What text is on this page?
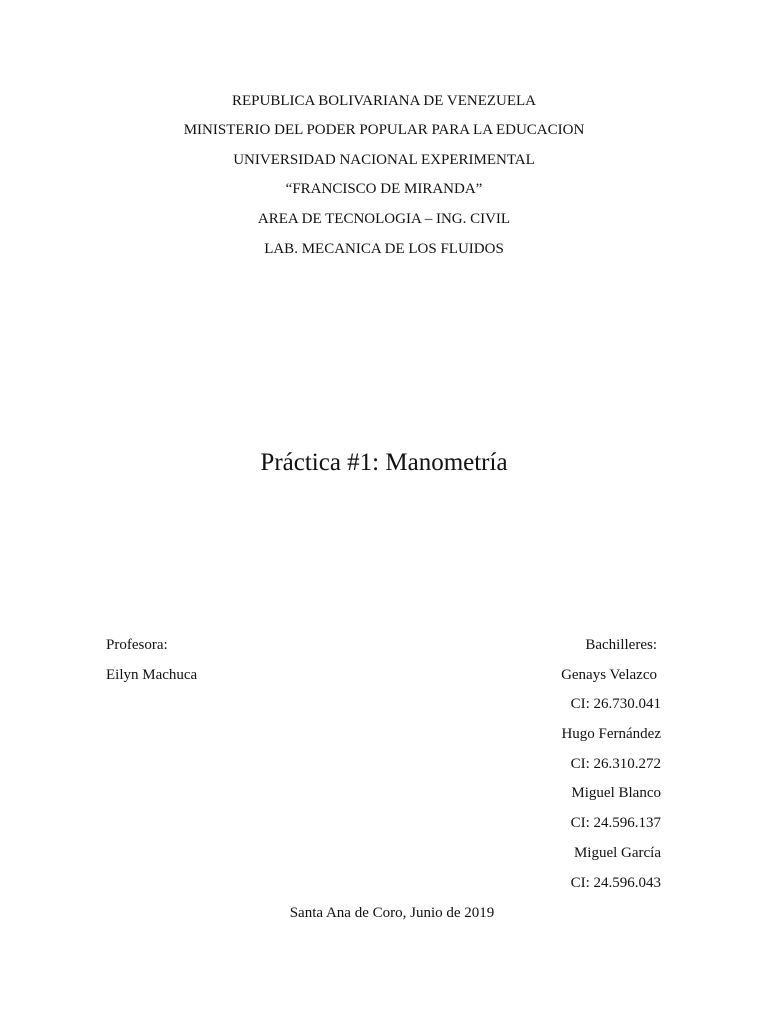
REPUBLICA BOLIVARIANA DE VENEZUELA

MINISTERIO DEL PODER POPULAR PARA LA EDUCACION

UNIVERSIDAD NACIONAL EXPERIMENTAL

“FRANCISCO DE MIRANDA”

AREA DE TECNOLOGIA – ING. CIVIL

LAB. MECANICA DE LOS FLUIDOS

Práctica #1: Manometría
Profesora:
Eilyn Machuca
Bachilleres:
Genays Velazco
CI: 26.730.041
Hugo Fernández
CI: 26.310.272
Miguel Blanco
CI: 24.596.137
Miguel García
CI: 24.596.043
Santa Ana de Coro, Junio de 2019
